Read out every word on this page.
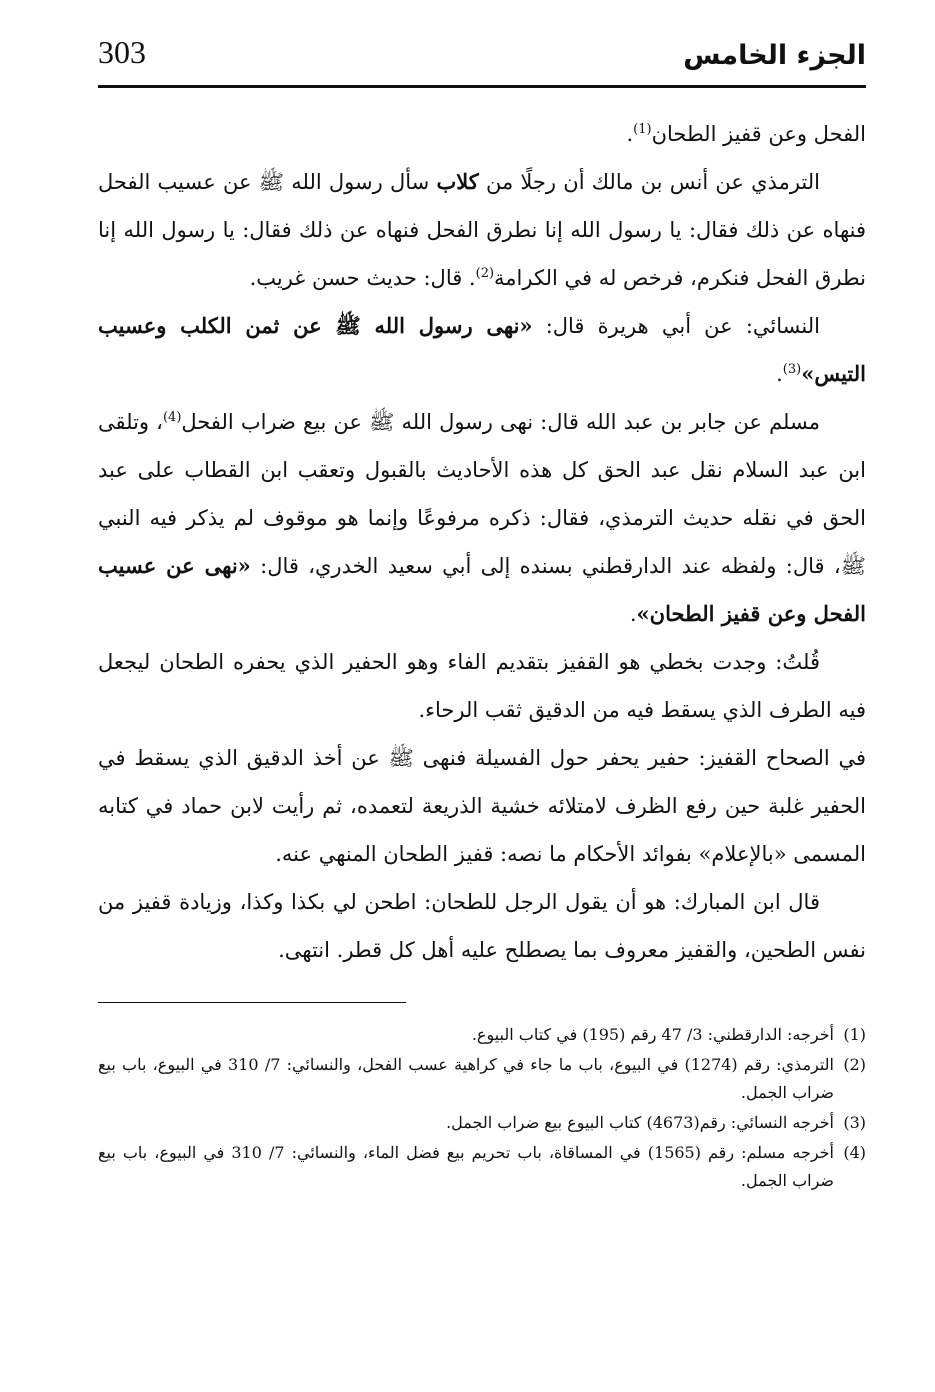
303	الجزء الخامس

الفحل وعن قفيز الطحان$^{(1)}$.

الترمذي عن أنس بن مالك أن رجلًا من كلاب سأل رسول الله ﷺ عن عسيب الفحل فنهاه عن ذلك فقال: يا رسول الله إنا نطرق الفحل فنهاه عن ذلك فقال: يا رسول الله إنا نطرق الفحل فنكرم، فرخص له في الكرامة$^{(2)}$. قال: حديث حسن غريب.

النسائي: عن أبي هريرة قال: «نهى رسول الله ﷺ عن ثمن الكلب وعسيب التيس»$^{(3)}$.

مسلم عن جابر بن عبد الله قال: نهى رسول الله ﷺ عن بيع ضراب الفحل$^{(4)}$، وتلقى ابن عبد السلام نقل عبد الحق كل هذه الأحاديث بالقبول وتعقب ابن القطاب على عبد الحق في نقله حديث الترمذي، فقال: ذكره مرفوعًا وإنما هو موقوف لم يذكر فيه النبي ﷺ، قال: ولفظه عند الدارقطني بسنده إلى أبي سعيد الخدري، قال: «نهى عن عسيب الفحل وعن قفيز الطحان».

قُلتُ: وجدت بخطي هو القفيز بتقديم الفاء وهو الحفير الذي يحفره الطحان ليجعل فيه الطرف الذي يسقط فيه من الدقيق ثقب الرحاء.

في الصحاح القفيز: حفير يحفر حول الفسيلة فنهى ﷺ عن أخذ الدقيق الذي يسقط في الحفير غلبة حين رفع الظرف لامتلائه خشية الذريعة لتعمده، ثم رأيت لابن حماد في كتابه المسمى «بالإعلام» بفوائد الأحكام ما نصه: قفيز الطحان المنهي عنه.

قال ابن المبارك: هو أن يقول الرجل للطحان: اطحن لي بكذا وكذا، وزيادة قفيز من نفس الطحين، والقفيز معروف بما يصطلح عليه أهل كل قطر. انتهى.

(1)
أخرجه: الدارقطني: 3/ 47 رقم (195) في كتاب البيوع.
(2)
الترمذي: رقم (1274) في البيوع، باب ما جاء في كراهية عسب الفحل، والنسائي: 7/ 310 في البيوع، باب بيع ضراب الجمل.
(3)
أخرجه النسائي: رقم(4673) كتاب البيوع بيع ضراب الجمل.
(4)
أخرجه مسلم: رقم (1565) في المساقاة، باب تحريم بيع فضل الماء، والنسائي: 7/ 310 في البيوع، باب بيع ضراب الجمل.
